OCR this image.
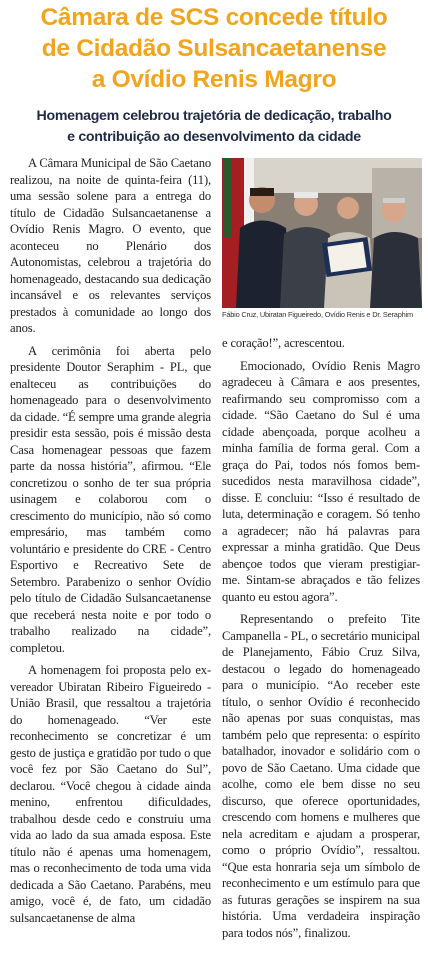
Câmara de SCS concede título
de Cidadão Sulsancaetanense
a Ovídio Renis Magro
Homenagem celebrou trajetória de dedicação, trabalho
e contribuição ao desenvolvimento da cidade

A Câmara Municipal de São Caetano realizou, na noite de quinta-feira (11), uma sessão solene para a entrega do título de Cidadão Sulsancaetanense a Ovídio Renis Magro. O evento, que aconteceu no Plenário dos Autonomistas, celebrou a trajetória do homenageado, destacando sua dedicação incansável e os relevantes serviços prestados à comunidade ao longo dos anos.

A cerimônia foi aberta pelo presidente Doutor Seraphim - PL, que enalteceu as contribuições do homenageado para o desenvolvimento da cidade. “É sempre uma grande alegria presidir esta sessão, pois é missão desta Casa homenagear pessoas que fazem parte da nossa história”, afirmou. “Ele concretizou o sonho de ter sua própria usinagem e colaborou com o crescimento do município, não só como empresário, mas também como voluntário e presidente do CRE - Centro Esportivo e Recreativo Sete de Setembro. Parabenizo o senhor Ovídio pelo título de Cidadão Sulsancaetanense que receberá nesta noite e por todo o trabalho realizado na cidade”, completou.

A homenagem foi proposta pelo ex-vereador Ubiratan Ribeiro Figueiredo - União Brasil, que ressaltou a trajetória do homenageado. “Ver este reconhecimento se concretizar é um gesto de justiça e gratidão por tudo o que você fez por São Caetano do Sul”, declarou. “Você chegou à cidade ainda menino, enfrentou dificuldades, trabalhou desde cedo e construiu uma vida ao lado da sua amada esposa. Este título não é apenas uma homenagem, mas o reconhecimento de toda uma vida dedicada a São Caetano. Parabéns, meu amigo, você é, de fato, um cidadão sulsancaetanense de alma

Fábio Cruz, Ubiratan Figueiredo, Ovídio Renis e Dr. Seraphim

e coração!”, acrescentou.

Emocionado, Ovídio Renis Magro agradeceu à Câmara e aos presentes, reafirmando seu compromisso com a cidade. “São Caetano do Sul é uma cidade abençoada, porque acolheu a minha família de forma geral. Com a graça do Pai, todos nós fomos bem-sucedidos nesta maravilhosa cidade”, disse. E concluiu: “Isso é resultado de luta, determinação e coragem. Só tenho a agradecer; não há palavras para expressar a minha gratidão. Que Deus abençoe todos que vieram prestigiar-me. Sintam-se abraçados e tão felizes quanto eu estou agora”.

Representando o prefeito Tite Campanella - PL, o secretário municipal de Planejamento, Fábio Cruz Silva, destacou o legado do homenageado para o município. “Ao receber este título, o senhor Ovídio é reconhecido não apenas por suas conquistas, mas também pelo que representa: o espírito batalhador, inovador e solidário com o povo de São Caetano. Uma cidade que acolhe, como ele bem disse no seu discurso, que oferece oportunidades, crescendo com homens e mulheres que nela acreditam e ajudam a prosperar, como o próprio Ovídio”, ressaltou. “Que esta honraria seja um símbolo de reconhecimento e um estímulo para que as futuras gerações se inspirem na sua história. Uma verdadeira inspiração para todos nós”, finalizou.
